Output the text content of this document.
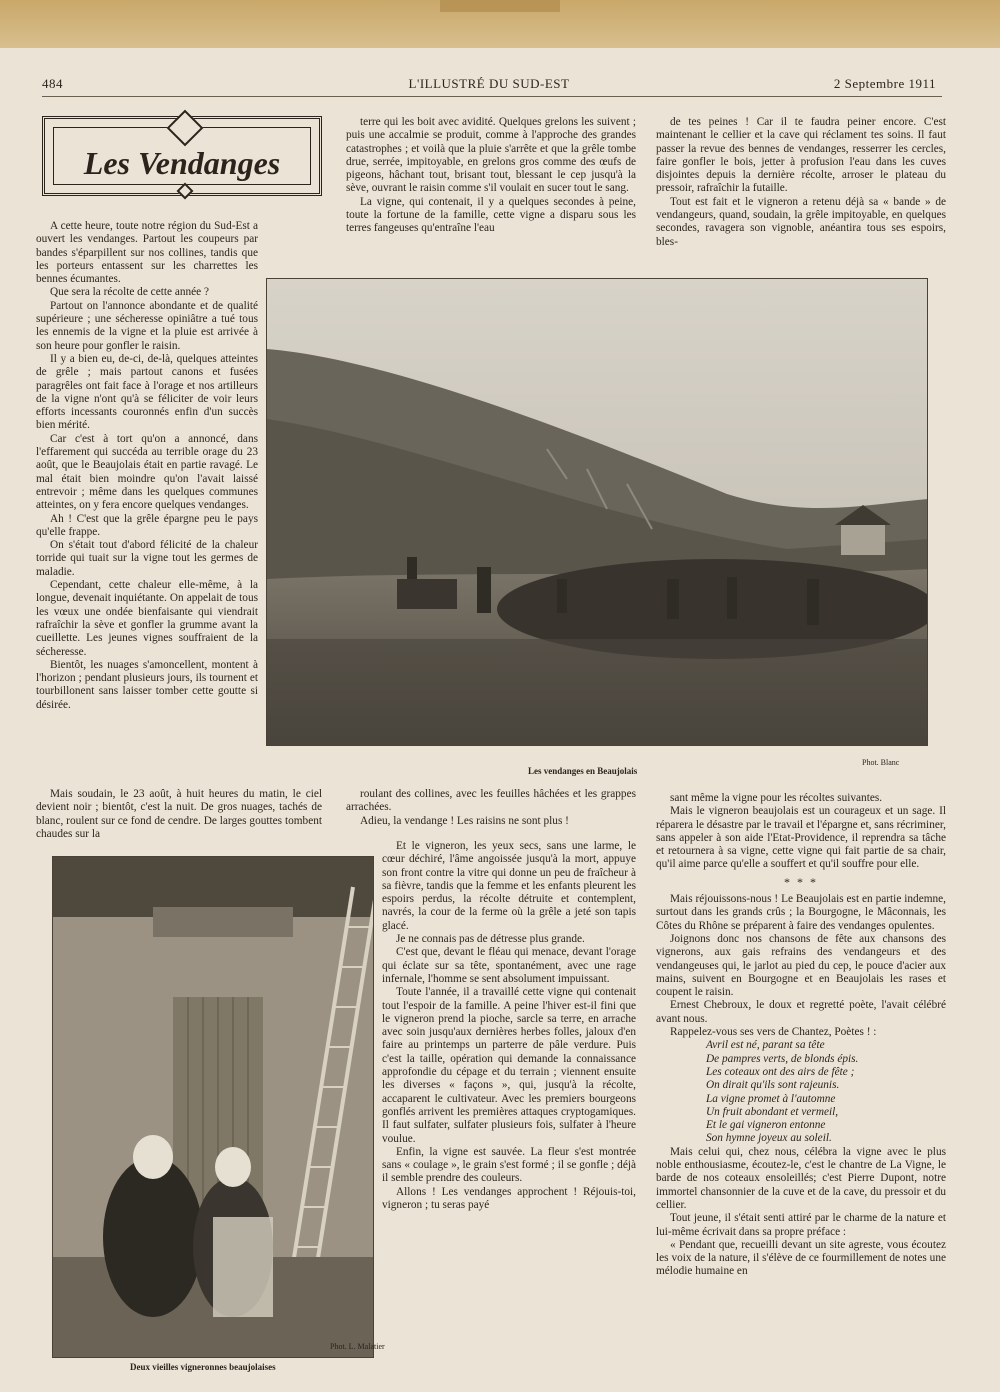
484	L'ILLUSTRÉ DU SUD-EST	2 Septembre 1911
Les Vendanges

A cette heure, toute notre région du Sud-Est a ouvert les vendanges. Partout les coupeurs par bandes s'éparpillent sur nos collines, tandis que les porteurs entassent sur les charrettes les bennes écumantes.

Que sera la récolte de cette année ?

Partout on l'annonce abondante et de qualité supérieure ; une sécheresse opiniâtre a tué tous les ennemis de la vigne et la pluie est arrivée à son heure pour gonfler le raisin.

Il y a bien eu, de-ci, de-là, quelques atteintes de grêle ; mais partout canons et fusées paragrêles ont fait face à l'orage et nos artilleurs de la vigne n'ont qu'à se féliciter de voir leurs efforts incessants couronnés enfin d'un succès bien mérité.

Car c'est à tort qu'on a annoncé, dans l'effarement qui succéda au terrible orage du 23 août, que le Beaujolais était en partie ravagé. Le mal était bien moindre qu'on l'avait laissé entrevoir ; même dans les quelques communes atteintes, on y fera encore quelques vendanges.

Ah ! C'est que la grêle épargne peu le pays qu'elle frappe.

On s'était tout d'abord félicité de la chaleur torride qui tuait sur la vigne tout les germes de maladie.

Cependant, cette chaleur elle-même, à la longue, devenait inquiétante. On appelait de tous les vœux une ondée bienfaisante qui viendrait rafraîchir la sève et gonfler la grumme avant la cueillette. Les jeunes vignes souffraient de la sécheresse.

Bientôt, les nuages s'amoncellent, montent à l'horizon ; pendant plusieurs jours, ils tournent et tourbillonent sans laisser tomber cette goutte si désirée.

Mais soudain, le 23 août, à huit heures du matin, le ciel devient noir ; bientôt, c'est la nuit. De gros nuages, tachés de blanc, roulent sur ce fond de cendre. De larges gouttes tombent chaudes sur la

terre qui les boit avec avidité. Quelques grelons les suivent ; puis une accalmie se produit, comme à l'approche des grandes catastrophes ; et voilà que la pluie s'arrête et que la grêle tombe drue, serrée, impitoyable, en grelons gros comme des œufs de pigeons, hâchant tout, brisant tout, blessant le cep jusqu'à la sève, ouvrant le raisin comme s'il voulait en sucer tout le sang.

La vigne, qui contenait, il y a quelques secondes à peine, toute la fortune de la famille, cette vigne a disparu sous les terres fangeuses qu'entraîne l'eau

de tes peines ! Car il te faudra peiner encore. C'est maintenant le cellier et la cave qui réclament tes soins. Il faut passer la revue des bennes de vendanges, resserrer les cercles, faire gonfler le bois, jetter à profusion l'eau dans les cuves disjointes depuis la dernière récolte, arroser le plateau du pressoir, rafraîchir la futaille.

Tout est fait et le vigneron a retenu déjà sa « bande » de vendangeurs, quand, soudain, la grêle impitoyable, en quelques secondes, ravagera son vignoble, anéantira tous ses espoirs, bles-

Les vendanges en Beaujolais
Phot. Blanc
Phot. L. Malatier
Deux vieilles vigneronnes beaujolaises

roulant des collines, avec les feuilles hâchées et les grappes arrachées.

Adieu, la vendange ! Les raisins ne sont plus !

Et le vigneron, les yeux secs, sans une larme, le cœur déchiré, l'âme angoissée jusqu'à la mort, appuye son front contre la vitre qui donne un peu de fraîcheur à sa fièvre, tandis que la femme et les enfants pleurent les espoirs perdus, la récolte détruite et contemplent, navrés, la cour de la ferme où la grêle a jeté son tapis glacé.

Je ne connais pas de détresse plus grande.

C'est que, devant le fléau qui menace, devant l'orage qui éclate sur sa tête, spontanément, avec une rage infernale, l'homme se sent absolument impuissant.

Toute l'année, il a travaillé cette vigne qui contenait tout l'espoir de la famille. A peine l'hiver est-il fini que le vigneron prend la pioche, sarcle sa terre, en arrache avec soin jusqu'aux dernières herbes folles, jaloux d'en faire au printemps un parterre de pâle verdure. Puis c'est la taille, opération qui demande la connaissance approfondie du cépage et du terrain ; viennent ensuite les diverses « façons », qui, jusqu'à la récolte, accaparent le cultivateur. Avec les premiers bourgeons gonflés arrivent les premières attaques cryptogamiques. Il faut sulfater, sulfater plusieurs fois, sulfater à l'heure voulue.

Enfin, la vigne est sauvée. La fleur s'est montrée sans « coulage », le grain s'est formé ; il se gonfle ; déjà il semble prendre des couleurs.

Allons ! Les vendanges approchent ! Réjouis-toi, vigneron ; tu seras payé

sant même la vigne pour les récoltes suivantes.

Mais le vigneron beaujolais est un courageux et un sage. Il réparera le désastre par le travail et l'épargne et, sans récriminer, sans appeler à son aide l'Etat-Providence, il reprendra sa tâche et retournera à sa vigne, cette vigne qui fait partie de sa chair, qu'il aime parce qu'elle a souffert et qu'il souffre pour elle.

* * *

Mais réjouissons-nous ! Le Beaujolais est en partie indemne, surtout dans les grands crûs ; la Bourgogne, le Mâconnais, les Côtes du Rhône se préparent à faire des vendanges opulentes.

Joignons donc nos chansons de fête aux chansons des vignerons, aux gais refrains des vendangeurs et des vendangeuses qui, le jarlot au pied du cep, le pouce d'acier aux mains, suivent en Bourgogne et en Beaujolais les rases et coupent le raisin.

Ernest Chebroux, le doux et regretté poète, l'avait célébré avant nous.

Rappelez-vous ses vers de Chantez, Poètes ! :

Avril est né, parant sa tête

De pampres verts, de blonds épis.

Les coteaux ont des airs de fête ;

On dirait qu'ils sont rajeunis.

La vigne promet à l'automne

Un fruit abondant et vermeil,

Et le gai vigneron entonne

Son hymne joyeux au soleil.

Mais celui qui, chez nous, célébra la vigne avec le plus noble enthousiasme, écoutez-le, c'est le chantre de La Vigne, le barde de nos coteaux ensoleillés; c'est Pierre Dupont, notre immortel chansonnier de la cuve et de la cave, du pressoir et du cellier.

Tout jeune, il s'était senti attiré par le charme de la nature et lui-même écrivait dans sa propre préface :

« Pendant que, recueilli devant un site agreste, vous écoutez les voix de la nature, il s'élève de ce fourmillement de notes une mélodie humaine en
